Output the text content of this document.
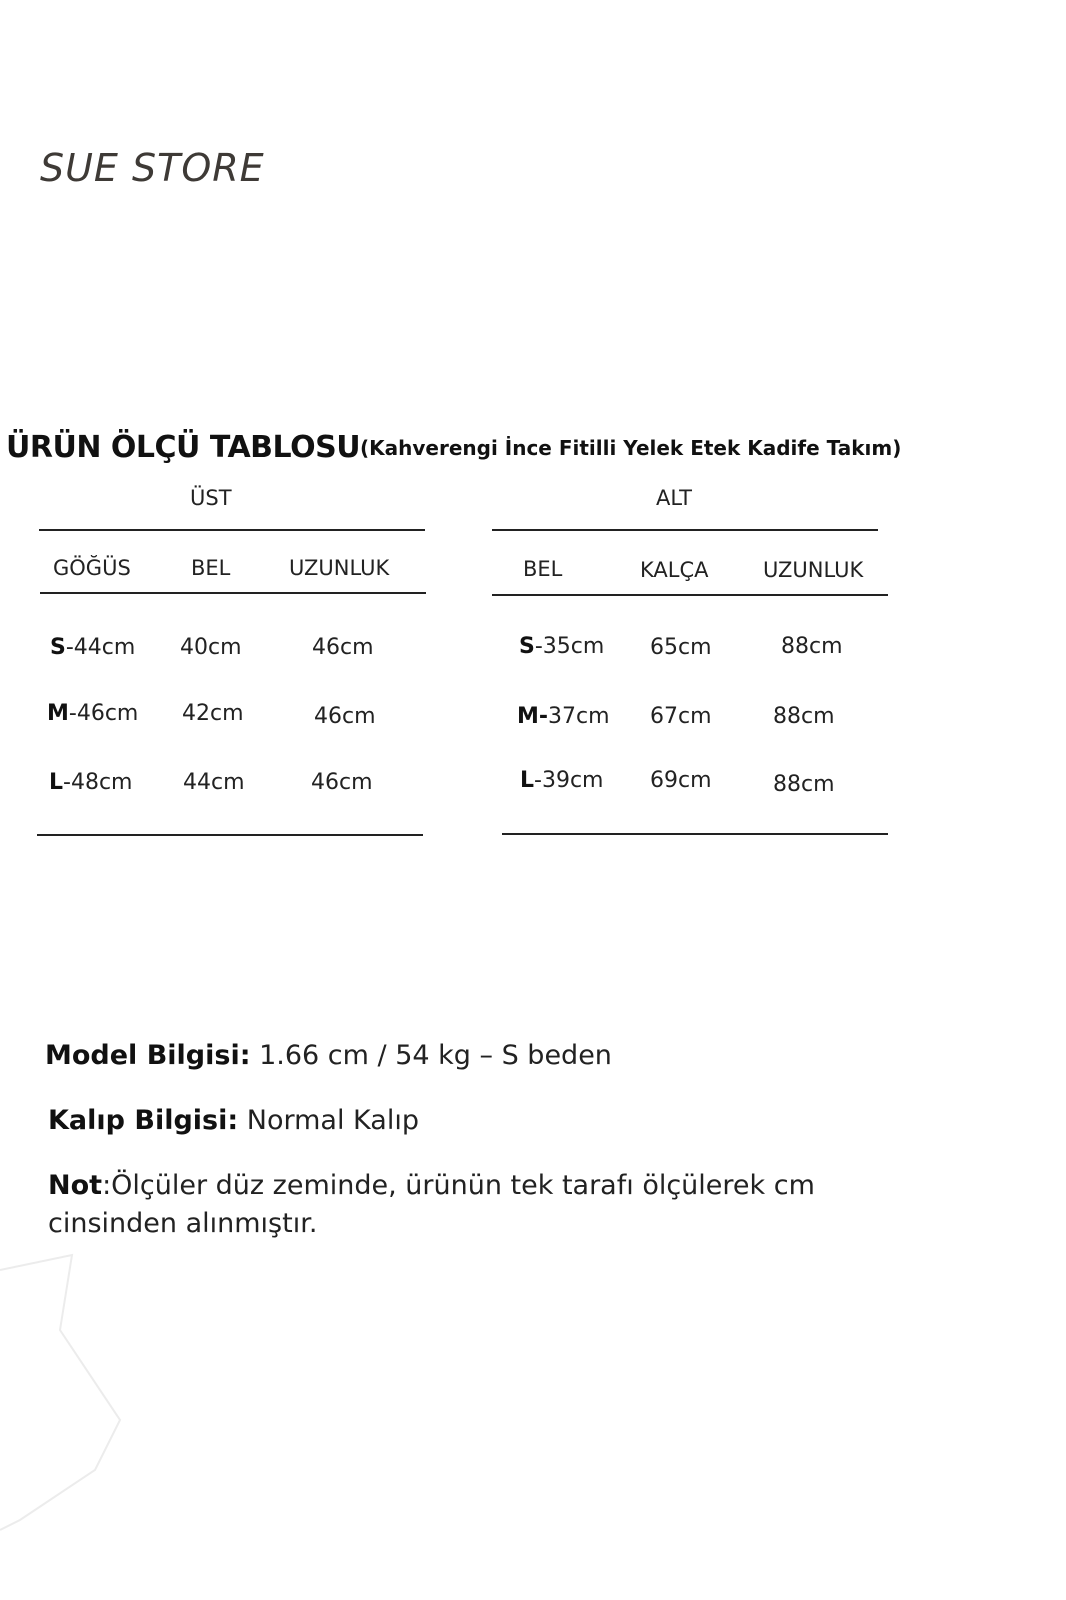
SUE STORE
ÜRÜN ÖLÇÜ TABLOSU (Kahverengi İnce Fitilli Yelek Etek Kadife Takım)
ÜST
GÖĞÜS	BEL	UZUNLUK
S-44cm 40cm	46cm
M-46cm 42cm	46cm
L-48cm 44cm	46cm
ALT
BEL	KALÇA	UZUNLUK
S-35cm 65cm	88cm
M-37cm 67cm	88cm
L-39cm 69cm	88cm
Model Bilgisi: 1.66 cm / 54 kg – S beden
Kalıp Bilgisi: Normal Kalıp
Not:Ölçüler düz zeminde, ürünün tek tarafı ölçülerek cm
cinsinden alınmıştır.
